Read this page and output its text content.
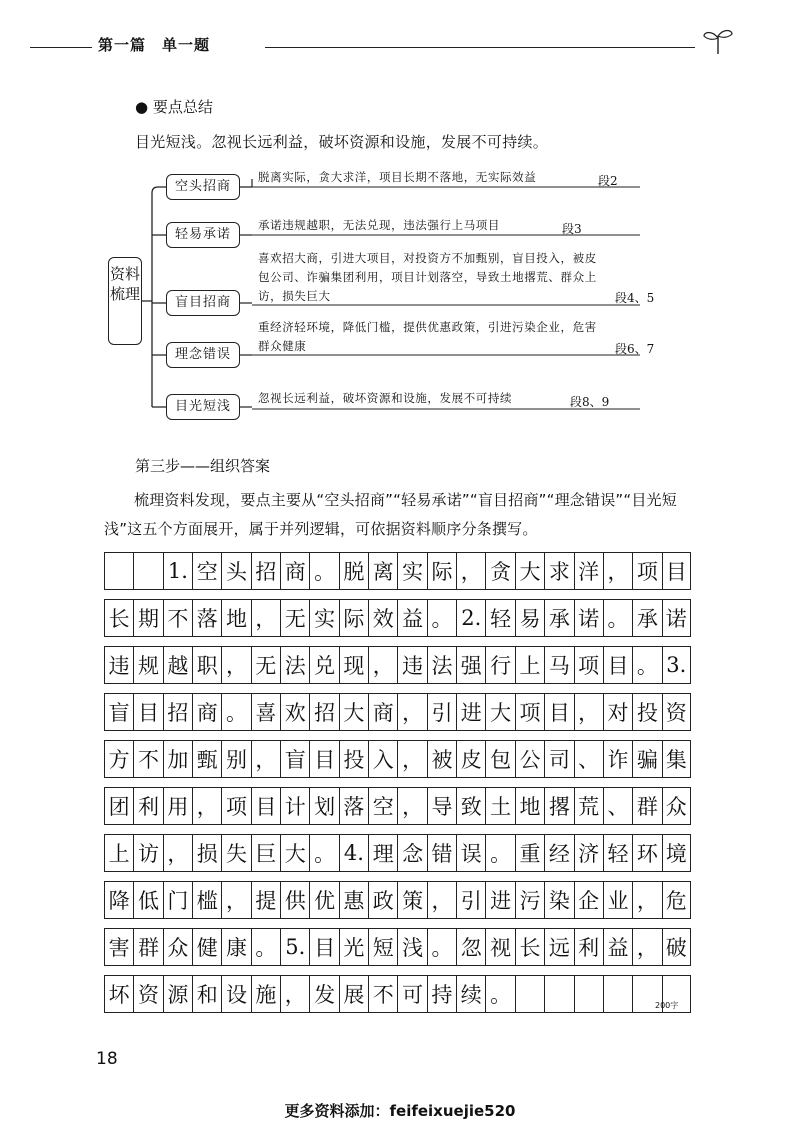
第一篇　单一题
● 要点总结
目光短浅。忽视长远利益，破坏资源和设施，发展不可持续。
资料梳理
空头招商
脱离实际，贪大求洋，项目长期不落地，无实际效益	段2
轻易承诺
承诺违规越职，无法兑现，违法强行上马项目	段3
盲目招商
喜欢招大商，引进大项目，对投资方不加甄别，盲目投入，被皮包公司、诈骗集团利用，项目计划落空，导致土地撂荒、群众上访，损失巨大	段4、5
理念错误
重经济轻环境，降低门槛，提供优惠政策，引进污染企业，危害群众健康	段6、7
目光短浅
忽视长远利益，破坏资源和设施，发展不可持续	段8、9
第三步——组织答案
梳理资料发现，要点主要从“空头招商”“轻易承诺”“盲目招商”“理念错误”“目光短浅”这五个方面展开，属于并列逻辑，可依据资料顺序分条撰写。
1. 空 头 招 商 。 脱 离 实 际 ， 贪 大 求 洋 ， 项 目
长 期 不 落 地 ， 无 实 际 效 益 。 2. 轻 易 承 诺 。 承 诺
违 规 越 职 ， 无 法 兑 现 ， 违 法 强 行 上 马 项 目 。 3.
盲 目 招 商 。 喜 欢 招 大 商 ， 引 进 大 项 目 ， 对 投 资
方 不 加 甄 别 ， 盲 目 投 入 ， 被 皮 包 公 司 、 诈 骗 集
团 利 用 ， 项 目 计 划 落 空 ， 导 致 土 地 撂 荒 、 群 众
上 访 ， 损 失 巨 大 。 4. 理 念 错 误 。 重 经 济 轻 环 境
降 低 门 槛 ， 提 供 优 惠 政 策 ， 引 进 污 染 企 业 ， 危
害 群 众 健 康 。 5. 目 光 短 浅 。 忽 视 长 远 利 益 ， 破
坏 资 源 和 设 施 ， 发 展 不 可 持 续 。	200字
18
更多资料添加：feifeixuejie520
